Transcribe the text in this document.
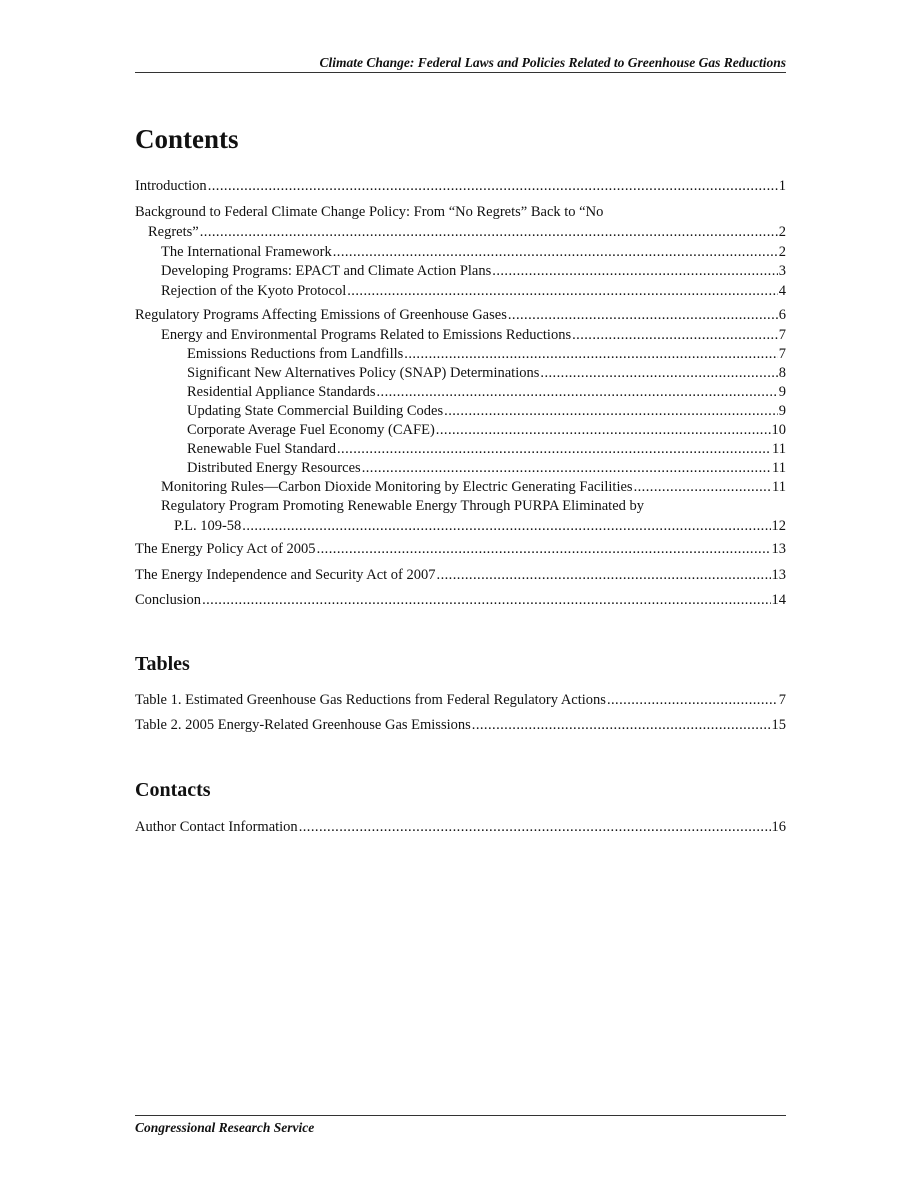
Climate Change: Federal Laws and Policies Related to Greenhouse Gas Reductions
Contents
Introduction . . .	1
Background to Federal Climate Change Policy: From “No Regrets” Back to “No
Regrets” . . .	2
The International Framework . . .	2
Developing Programs: EPACT and Climate Action Plans . . .	3
Rejection of the Kyoto Protocol . . .	4
Regulatory Programs Affecting Emissions of Greenhouse Gases . . .	6
Energy and Environmental Programs Related to Emissions Reductions . . .	7
Emissions Reductions from Landfills . . .	7
Significant New Alternatives Policy (SNAP) Determinations . . .	8
Residential Appliance Standards . . .	9
Updating State Commercial Building Codes . . .	9
Corporate Average Fuel Economy (CAFE) . . .	10
Renewable Fuel Standard . . .	11
Distributed Energy Resources . . .	11
Monitoring Rules—Carbon Dioxide Monitoring by Electric Generating Facilities . . .	11
Regulatory Program Promoting Renewable Energy Through PURPA Eliminated by
P.L. 109-58 . . .	12
The Energy Policy Act of 2005 . . .	13
The Energy Independence and Security Act of 2007 . . .	13
Conclusion . . .	14
Tables
Table 1. Estimated Greenhouse Gas Reductions from Federal Regulatory Actions . . .	7
Table 2. 2005 Energy-Related Greenhouse Gas Emissions . . .	15
Contacts
Author Contact Information . . .	16
Congressional Research Service
